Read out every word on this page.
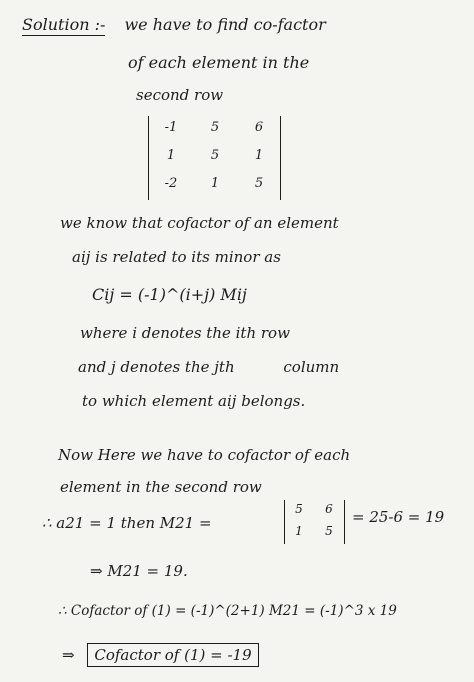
Solution :- we have to find co-factor
of each element in the
second row
-1	5	6
1	5	1
-2	1	5
we know that cofactor of an element
aij is related to its minor as
Cij = (-1)^(i+j) Mij
where i denotes the ith row
and j denotes the jth	column
to which element aij belongs.
Now Here we have to cofactor of each
element in the second row
∴ a21 = 1 then M21 =
5	6
1	5
= 25-6 = 19
⇒ M21 = 19.
∴ Cofactor of (1) = (-1)^(2+1) M21 = (-1)^3 x 19
⇒ Cofactor of (1) = -19
